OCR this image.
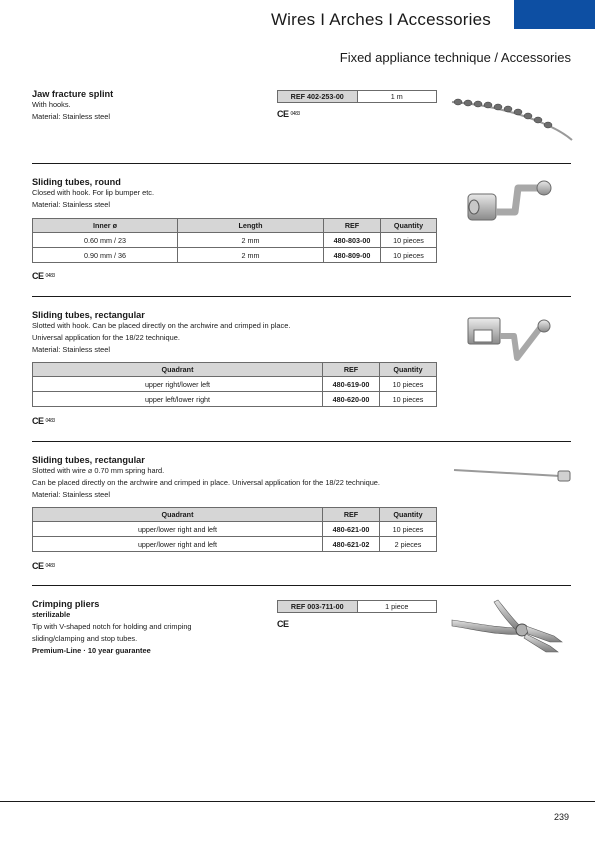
Wires I Arches I Accessories
Fixed appliance technique / Accessories
Jaw fracture splint
With hooks.
Material: Stainless steel
REF 402-253-00	1 m
CE $^{0483}$
Sliding tubes, round
Closed with hook. For lip bumper etc.
Material: Stainless steel
Inner ø	Length	REF	Quantity
0.60 mm / 23	2 mm	480-803-00	10 pieces
0.90 mm / 36	2 mm	480-809-00	10 pieces
CE $^{0483}$
Sliding tubes, rectangular
Slotted with hook. Can be placed directly on the archwire and crimped in place.
Universal application for the 18/22 technique.
Material: Stainless steel
Quadrant	REF	Quantity
upper right/lower left	480-619-00	10 pieces
upper left/lower right	480-620-00	10 pieces
CE $^{0483}$
Sliding tubes, rectangular
Slotted with wire ⌀ 0.70 mm spring hard.
Can be placed directly on the archwire and crimped in place. Universal application for the 18/22 technique.
Material: Stainless steel
Quadrant	REF	Quantity
upper/lower right and left	480-621-00	10 pieces
upper/lower right and left	480-621-02	2 pieces
CE $^{0483}$
Crimping pliers
sterilizable
Tip with V-shaped notch for holding and crimping
sliding/clamping and stop tubes.
Premium-Line · 10 year guarantee
REF 003-711-00	1 piece
CE
239
